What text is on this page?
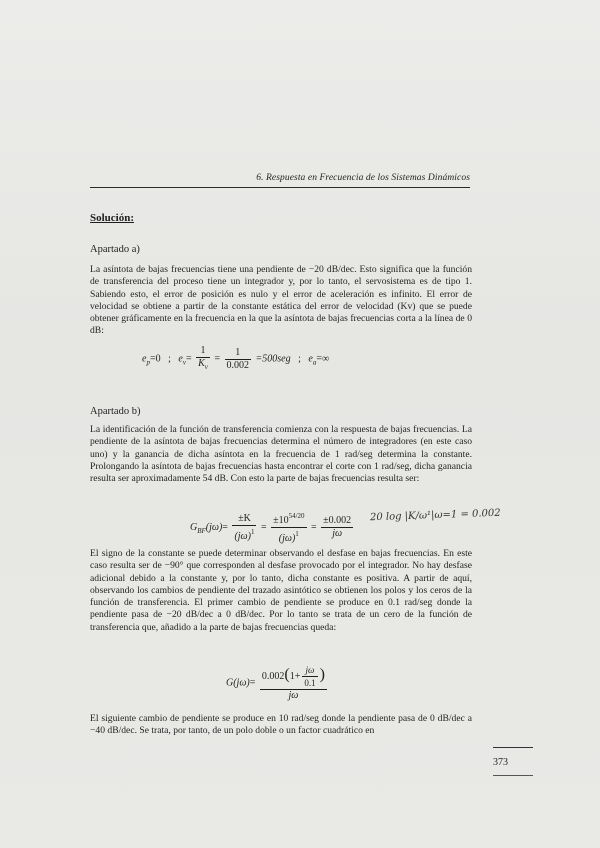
6. Respuesta en Frecuencia de los Sistemas Dinámicos
Solución:
Apartado a)

La asíntota de bajas frecuencias tiene una pendiente de −20 dB/dec. Esto significa que la función de transferencia del proceso tiene un integrador y, por lo tanto, el servosistema es de tipo 1. Sabiendo esto, el error de posición es nulo y el error de aceleración es infinito. El error de velocidad se obtiene a partir de la constante estática del error de velocidad (Kv) que se puede obtener gráficamente en la frecuencia en la que la asíntota de bajas frecuencias corta a la línea de 0 dB:

$e_p=0$ ; $e_v= \frac{1}{K_v} = \frac{1}{0.002} =500seg$ ; $e_a=\infty$
Apartado b)

La identificación de la función de transferencia comienza con la respuesta de bajas frecuencias. La pendiente de la asíntota de bajas frecuencias determina el número de integradores (en este caso uno) y la ganancia de dicha asíntota en la frecuencia de 1 rad/seg determina la constante. Prolongando la asíntota de bajas frecuencias hasta encontrar el corte con 1 rad/seg, dicha ganancia resulta ser aproximadamente 54 dB. Con esto la parte de bajas frecuencias resulta ser:

$G_{BF}(j\omega)= \frac{\pm K}{(j\omega)^1} = \frac{\pm 10^{54/20}}{(j\omega)^1} = \frac{\pm 0.002}{j\omega} 20$ log |K/ω¹|ω=1 = 0.002

El signo de la constante se puede determinar observando el desfase en bajas frecuencias. En este caso resulta ser de −90° que corresponden al desfase provocado por el integrador. No hay desfase adicional debido a la constante y, por lo tanto, dicha constante es positiva. A partir de aquí, observando los cambios de pendiente del trazado asintótico se obtienen los polos y los ceros de la función de transferencia. El primer cambio de pendiente se produce en 0.1 rad/seg donde la pendiente pasa de −20 dB/dec a 0 dB/dec. Por lo tanto se trata de un cero de la función de transferencia que, añadido a la parte de bajas frecuencias queda:

$G(j\omega)= \frac{0.002(1+ \frac{j\omega}{0.1} )}{j\omega}$

El siguiente cambio de pendiente se produce en 10 rad/seg donde la pendiente pasa de 0 dB/dec a −40 dB/dec. Se trata, por tanto, de un polo doble o un factor cuadrático en

373
